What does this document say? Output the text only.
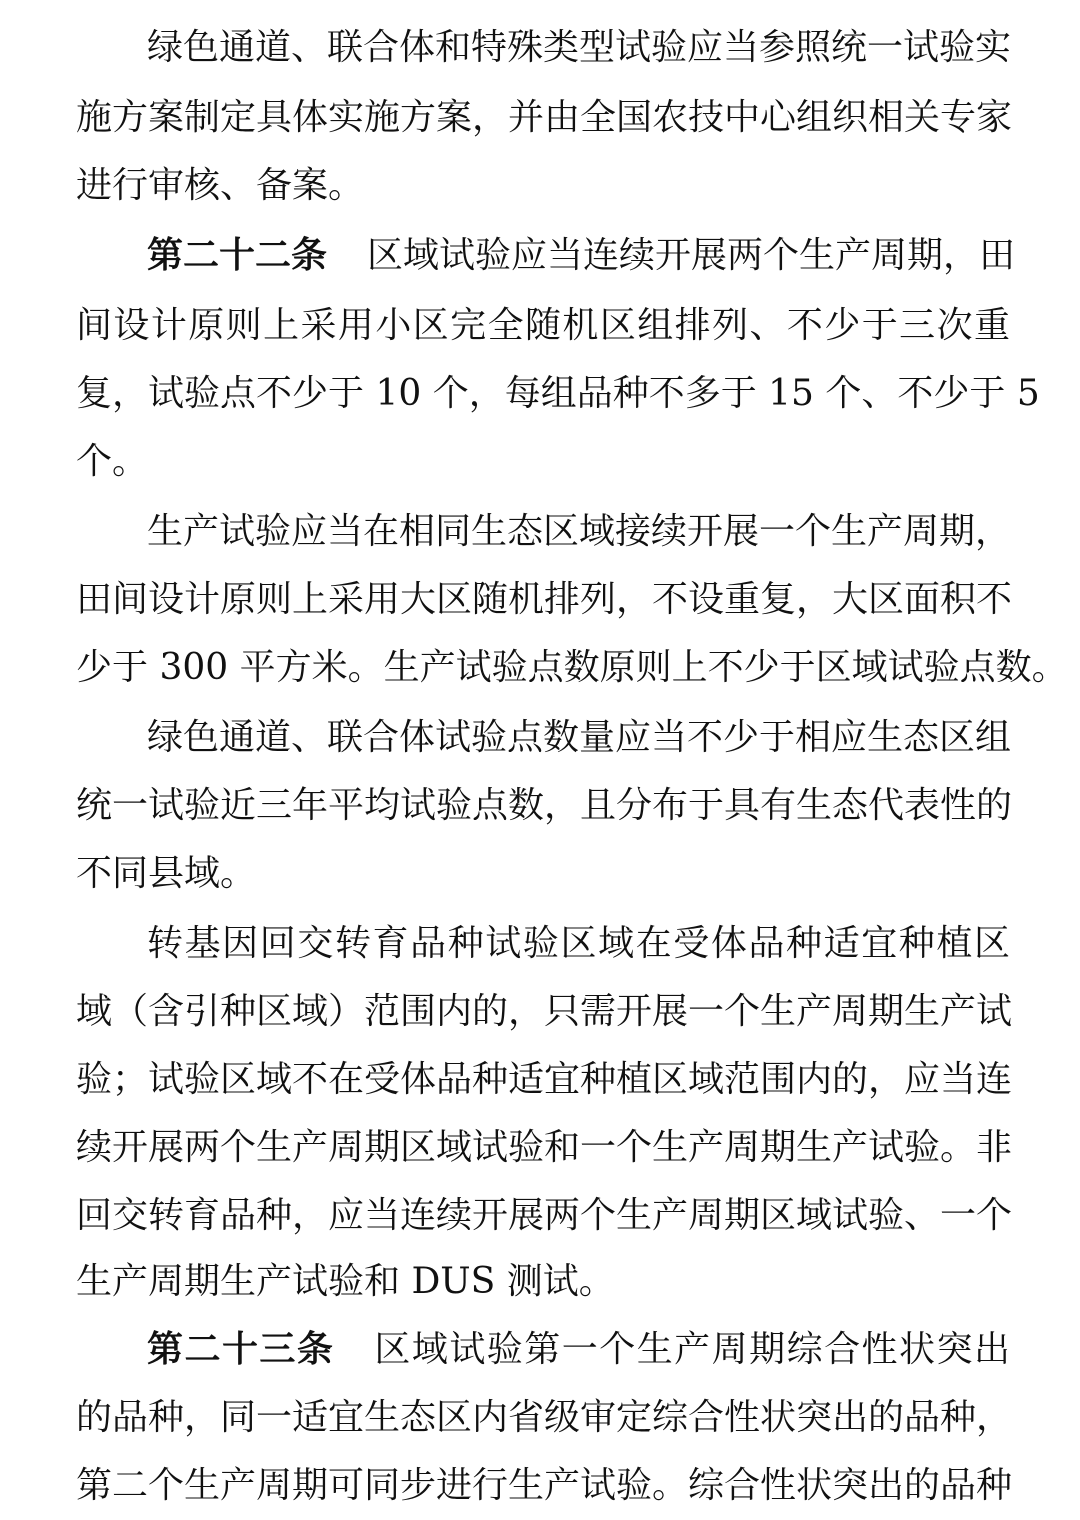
绿色通道、联合体和特殊类型试验应当参照统一试验实
施方案制定具体实施方案，并由全国农技中心组织相关专家
进行审核、备案。
第二十二条 区域试验应当连续开展两个生产周期，田
间设计原则上采用小区完全随机区组排列、不少于三次重
复，试验点不少于 10 个，每组品种不多于 15 个、不少于 5
个。
生产试验应当在相同生态区域接续开展一个生产周期，
田间设计原则上采用大区随机排列，不设重复，大区面积不
少于 300 平方米。生产试验点数原则上不少于区域试验点数。
绿色通道、联合体试验点数量应当不少于相应生态区组
统一试验近三年平均试验点数，且分布于具有生态代表性的
不同县域。
转基因回交转育品种试验区域在受体品种适宜种植区
域（含引种区域）范围内的，只需开展一个生产周期生产试
验；试验区域不在受体品种适宜种植区域范围内的，应当连
续开展两个生产周期区域试验和一个生产周期生产试验。非
回交转育品种，应当连续开展两个生产周期区域试验、一个
生产周期生产试验和 DUS 测试。
第二十三条 区域试验第一个生产周期综合性状突出
的品种，同一适宜生态区内省级审定综合性状突出的品种，
第二个生产周期可同步进行生产试验。综合性状突出的品种
